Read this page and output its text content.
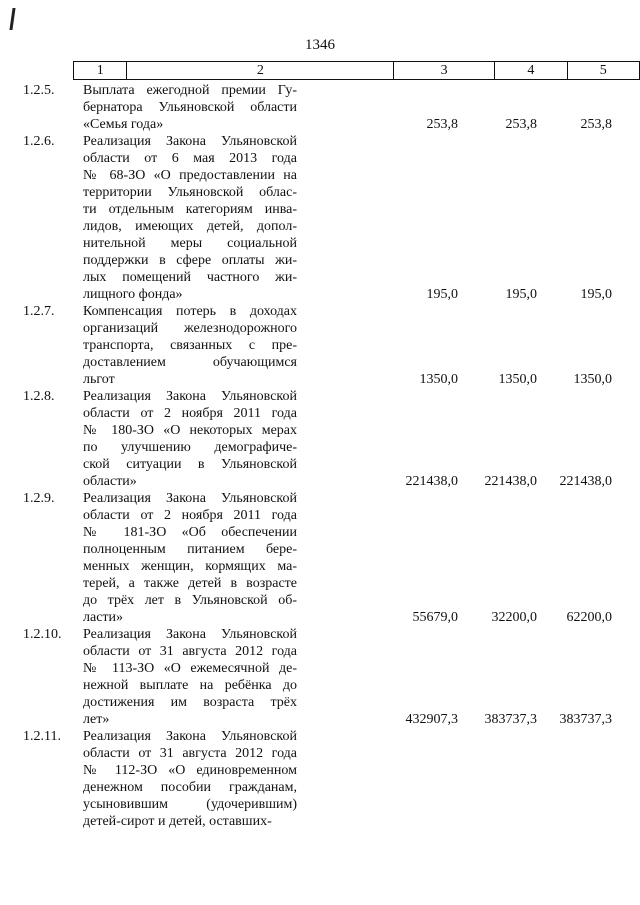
1346
1	2	3	4	5
1.2.5.	Выплата ежегодной премии Гу-
бернатора Ульяновской области
«Семья года»	253,8	253,8	253,8
1.2.6.	Реализация Закона Ульяновской
области от 6 мая 2013 года
№ 68-ЗО «О предоставлении на
территории Ульяновской облас-
ти отдельным категориям инва-
лидов, имеющих детей, допол-
нительной меры социальной
поддержки в сфере оплаты жи-
лых помещений частного жи-
лищного фонда»	195,0	195,0	195,0
1.2.7.	Компенсация потерь в доходах
организаций железнодорожного
транспорта, связанных с пре-
доставлением обучающимся
льгот	1350,0	1350,0	1350,0
1.2.8.	Реализация Закона Ульяновской
области от 2 ноября 2011 года
№ 180-ЗО «О некоторых мерах
по улучшению демографиче-
ской ситуации в Ульяновской
области»	221438,0	221438,0	221438,0
1.2.9.	Реализация Закона Ульяновской
области от 2 ноября 2011 года
№ 181-ЗО «Об обеспечении
полноценным питанием бере-
менных женщин, кормящих ма-
терей, а также детей в возрасте
до трёх лет в Ульяновской об-
ласти»	55679,0	32200,0	62200,0
1.2.10.	Реализация Закона Ульяновской
области от 31 августа 2012 года
№ 113-ЗО «О ежемесячной де-
нежной выплате на ребёнка до
достижения им возраста трёх
лет»	432907,3	383737,3	383737,3
1.2.11.	Реализация Закона Ульяновской
области от 31 августа 2012 года
№ 112-ЗО «О единовременном
денежном пособии гражданам,
усыновившим (удочерившим)
детей-сирот и детей, оставших-
